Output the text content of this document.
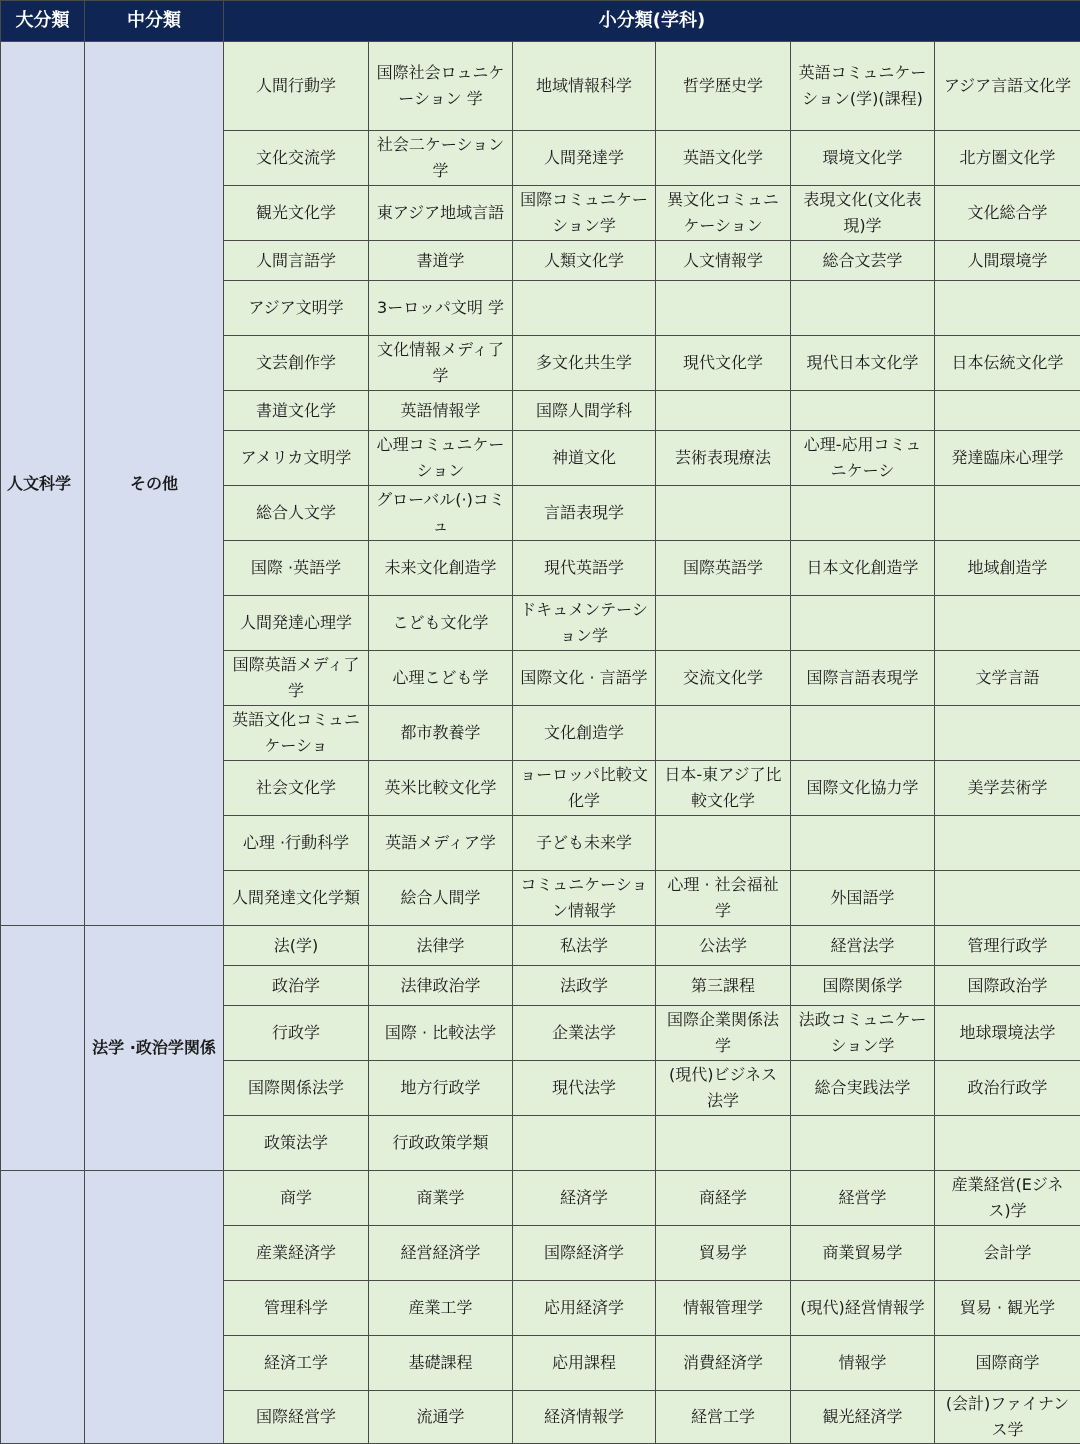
大分類	中分類	小分類(学科)					
人文科学	その他	人間行動学	国際社会ロュニケーション 学	地域情報科学	哲学歴史学	英語コミュニケーション(学)(課程)	アジア言語文化学
		文化交流学	社会二ケーション学	人間発達学	英語文化学	環境文化学	北方圏文化学
		観光文化学	東アジア地域言語	国際コミュニケーション学	異文化コミュニケーション	表現文化(文化表現)学	文化総合学
		人間言語学	書道学	人類文化学	人文情報学	総合文芸学	人間環境学
		アジア文明学	3ーロッパ文明 学				
		文芸創作学	文化情報メディ了学	多文化共生学	現代文化学	現代日本文化学	日本伝統文化学
		書道文化学	英語情報学	国際人間学科			
		アメリカ文明学	心理コミュニケーション	神道文化	芸術表現療法	心理-応用コミュニケーシ	発達臨床心理学
		総合人文学	グローバル(·)コミュ	言語表現学			
		国際 ·英語学	未来文化創造学	現代英語学	国際英語学	日本文化創造学	地域創造学
		人間発達心理学	こども文化学	ドキュメンテーション学			
		国際英語メディ了学	心理こども学	国際文化 · 言語学	交流文化学	国際言語表現学	文学言語
		英語文化コミュニケーショ	都市教養学	文化創造学			
		社会文化学	英米比較文化学	ョーロッパ比較文化学	日本-東アジ了比較文化学	国際文化協力学	美学芸術学
		心理 ·行動科学	英語メディア学	子ども未来学			
		人間発達文化学類	絵合人間学	コミュニケーション情報学	心理 · 社会福祉学	外国語学	
	法学 ·政治学関係	法(学)	法律学	私法学	公法学	経営法学	管理行政学
		政治学	法律政治学	法政学	第三課程	国際関係学	国際政治学
		行政学	国際 · 比較法学	企業法学	国際企業関係法学	法政コミュニケーション学	地球環境法学
		国際関係法学	地方行政学	現代法学	(現代)ビジネス法学	総合実践法学	政治行政学
		政策法学	行政政策学類				
		商学	商業学	経済学	商経学	経営学	産業経営(Eジネス)学
		産業経済学	経営経済学	国際経済学	貿易学	商業貿易学	会計学
		管理科学	産業工学	応用経済学	情報管理学	(現代)経営情報学	貿易 · 観光学
		経済工学	基礎課程	応用課程	消費経済学	情報学	国際商学
		国際経営学	流通学	経済情報学	経営工学	観光経済学	(会計)ファイナンス学
